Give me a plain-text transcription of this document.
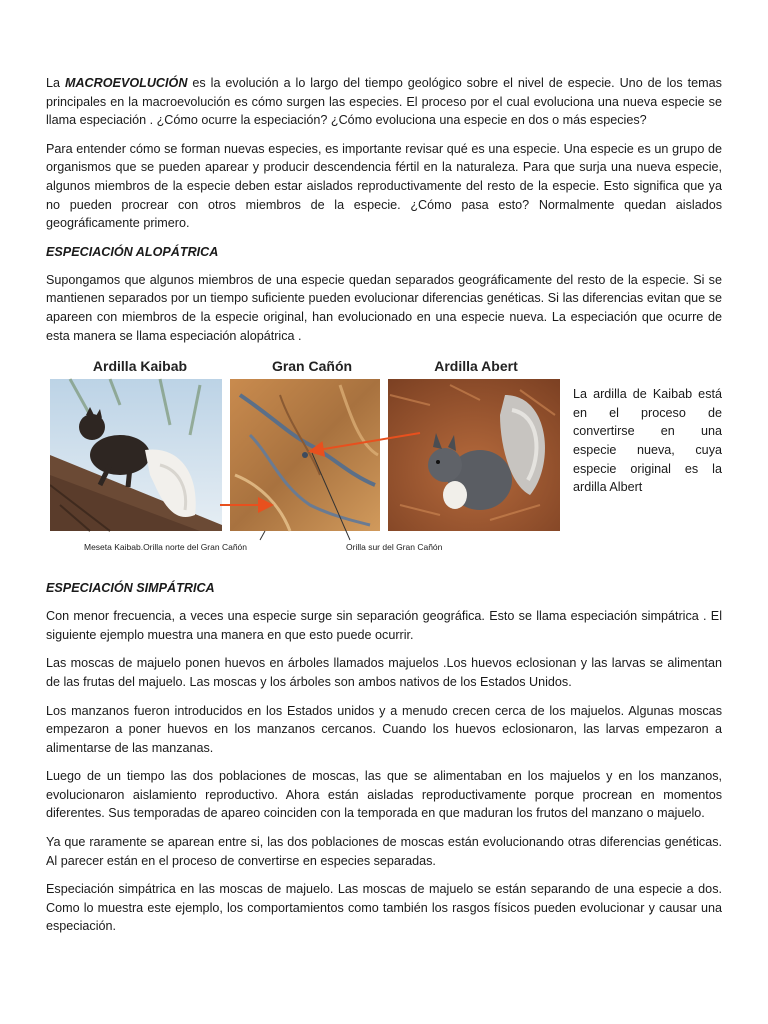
La MACROEVOLUCIÓN es la evolución a lo largo del tiempo geológico sobre el nivel de especie. Uno de los temas principales en la macroevolución es cómo surgen las especies. El proceso por el cual evoluciona una nueva especie se llama especiación . ¿Cómo ocurre la especiación? ¿Cómo evoluciona una especie en dos o más especies?

Para entender cómo se forman nuevas especies, es importante revisar qué es una especie. Una especie es un grupo de organismos que se pueden aparear y producir descendencia fértil en la naturaleza. Para que surja una nueva especie, algunos miembros de la especie deben estar aislados reproductivamente del resto de la especie. Esto significa que ya no pueden procrear con otros miembros de la especie. ¿Cómo pasa esto? Normalmente quedan aislados geográficamente primero.

ESPECIACIÓN ALOPÁTRICA

Supongamos que algunos miembros de una especie quedan separados geográficamente del resto de la especie. Si se mantienen separados por un tiempo suficiente pueden evolucionar diferencias genéticas. Si las diferencias evitan que se apareen con miembros de la especie original, han evolucionado en una especie nueva. La especiación que ocurre de esta manera se llama especiación alopátrica .

Ardilla Kaibab	Gran Cañón	Ardilla Abert
Meseta Kaibab.Orilla norte del Gran Cañón	Orilla sur del Gran Cañón
La ardilla de Kaibab está en el proceso de convertirse en una especie nueva, cuya especie original es la ardilla Albert
ESPECIACIÓN SIMPÁTRICA

Con menor frecuencia, a veces una especie surge sin separación geográfica. Esto se llama especiación simpátrica . El siguiente ejemplo muestra una manera en que esto puede ocurrir.

Las moscas de majuelo ponen huevos en árboles llamados majuelos .Los huevos eclosionan y las larvas se alimentan de las frutas del majuelo. Las moscas y los árboles son ambos nativos de los Estados Unidos.

Los manzanos fueron introducidos en los Estados unidos y a menudo crecen cerca de los majuelos. Algunas moscas empezaron a poner huevos en los manzanos cercanos. Cuando los huevos eclosionaron, las larvas empezaron a alimentarse de las manzanas.

Luego de un tiempo las dos poblaciones de moscas, las que se alimentaban en los majuelos y en los manzanos, evolucionaron aislamiento reproductivo. Ahora están aisladas reproductivamente porque procrean en momentos diferentes. Sus temporadas de apareo coinciden con la temporada en que maduran los frutos del manzano o majuelo.

Ya que raramente se aparean entre si, las dos poblaciones de moscas están evolucionando otras diferencias genéticas. Al parecer están en el proceso de convertirse en especies separadas.

Especiación simpátrica en las moscas de majuelo. Las moscas de majuelo se están separando de una especie a dos. Como lo muestra este ejemplo, los comportamientos como también los rasgos físicos pueden evolucionar y causar una especiación.
